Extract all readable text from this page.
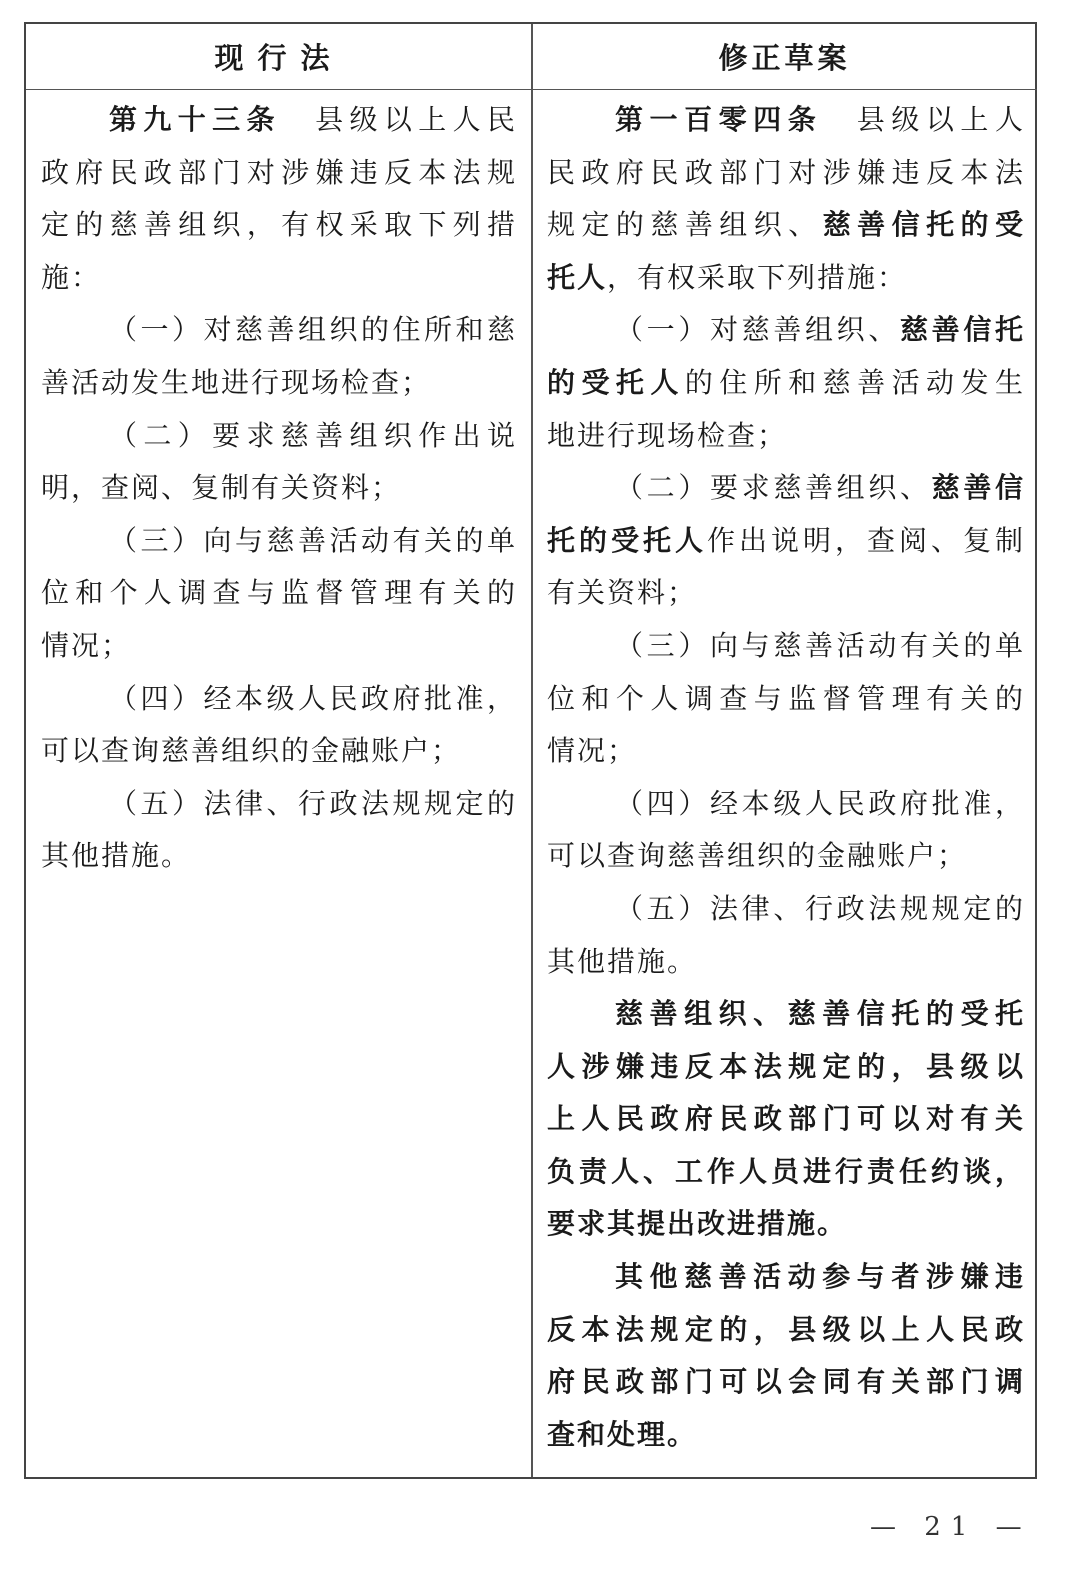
现行法	修正草案
第九十三条　县级以上人民
政府民政部门对涉嫌违反本法规
定的慈善组织，有权采取下列措
施：
（一）对慈善组织的住所和慈
善活动发生地进行现场检查；
（二）要求慈善组织作出说
明，查阅、复制有关资料；
（三）向与慈善活动有关的单
位和个人调查与监督管理有关的
情况；
（四）经本级人民政府批准，
可以查询慈善组织的金融账户；
（五）法律、行政法规规定的
其他措施。
第一百零四条　县级以上人
民政府民政部门对涉嫌违反本法
规定的慈善组织、慈善信托的受
托人，有权采取下列措施：
（一）对慈善组织、慈善信托
的受托人的住所和慈善活动发生
地进行现场检查；
（二）要求慈善组织、慈善信
托的受托人作出说明，查阅、复制
有关资料；
（三）向与慈善活动有关的单
位和个人调查与监督管理有关的
情况；
（四）经本级人民政府批准，
可以查询慈善组织的金融账户；
（五）法律、行政法规规定的
其他措施。
慈善组织、慈善信托的受托
人涉嫌违反本法规定的，县级以
上人民政府民政部门可以对有关
负责人、工作人员进行责任约谈，
要求其提出改进措施。
其他慈善活动参与者涉嫌违
反本法规定的，县级以上人民政
府民政部门可以会同有关部门调
查和处理。
— 21 —
